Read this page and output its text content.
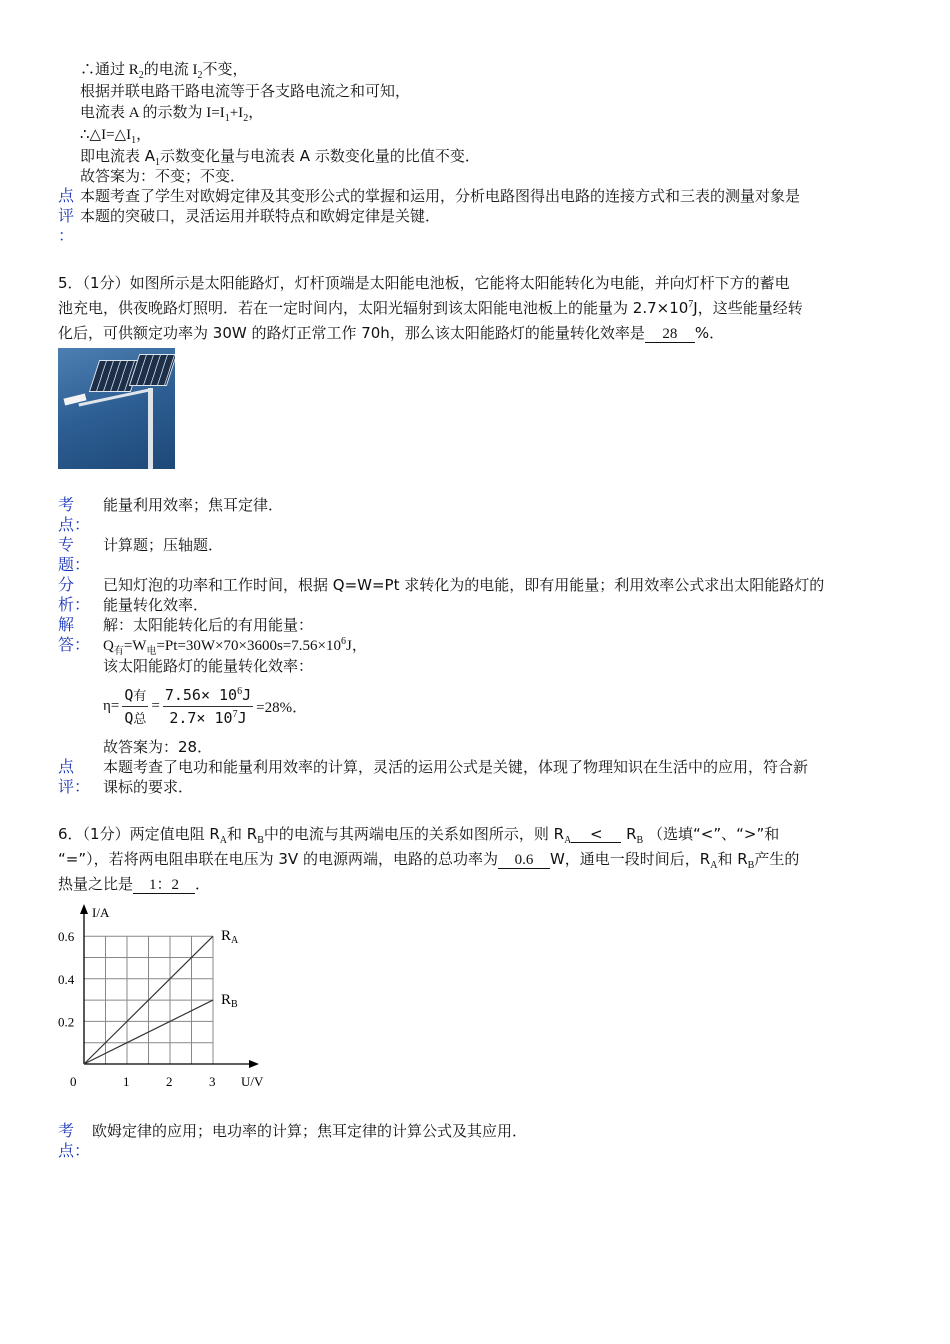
∴通过 $R_2$的电流 $I_2$不变，
根据并联电路干路电流等于各支路电流之和可知，
电流表 A 的示数为 $I=I_1+I_2$，
$\therefore\triangle I=\triangle I_1$，
即电流表 $A_1$示数变化量与电流表 A 示数变化量的比值不变．
故答案为：不变；不变．
点
评
：
本题考查了学生对欧姆定律及其变形公式的掌握和运用，分析电路图得出电路的连接方式和三表的测量对象是
本题的突破口，灵活运用并联特点和欧姆定律是关键．
5．（1分）如图所示是太阳能路灯，灯杆顶端是太阳能电池板，它能将太阳能转化为电能，并向灯杆下方的蓄电
池充电，供夜晚路灯照明．若在一定时间内，太阳光辐射到该太阳能电池板上的能量为 $2.7\times 10^7J$，这些能量经转
化后，可供额定功率为 30W 的路灯正常工作 70h，那么该太阳能路灯的能量转化效率是 28 %．
考
点：
能量利用效率；焦耳定律．
专
题：
计算题；压轴题．
分
析：
已知灯泡的功率和工作时间，根据 Q=W=Pt 求转化为的电能，即有用能量；利用效率公式求出太阳能路灯的
能量转化效率．
解
答：
解：太阳能转化后的有用能量：
$Q_有=W_电=Pt=30W\times 70\times 3600s=7.56\times 10^6J$，
该太阳能路灯的能量转化效率：
η=
Q有
Q总
=
$7.56\times 10^6J$
$2.7\times 10^7J$
=28%．
故答案为：28．
点
评：
本题考查了电功和能量利用效率的计算，灵活的运用公式是关键，体现了物理知识在生活中的应用，符合新
课标的要求．
6．（1分）两定值电阻 $R_A$和 $R_B$中的电流与其两端电压的关系如图所示，则 $R_A < R_B$ （选填“<”、“>”和
“=”），若将两电阻串联在电压为 3V 的电源两端，电路的总功率为 0.6 W，通电一段时间后，$R_A$和 $R_B$产生的
热量之比是 1：2 ．
I/A
U/V
0	1	2	3
0.2
0.4
0.6	$R_A$
$R_B$
考
点：
欧姆定律的应用；电功率的计算；焦耳定律的计算公式及其应用．
